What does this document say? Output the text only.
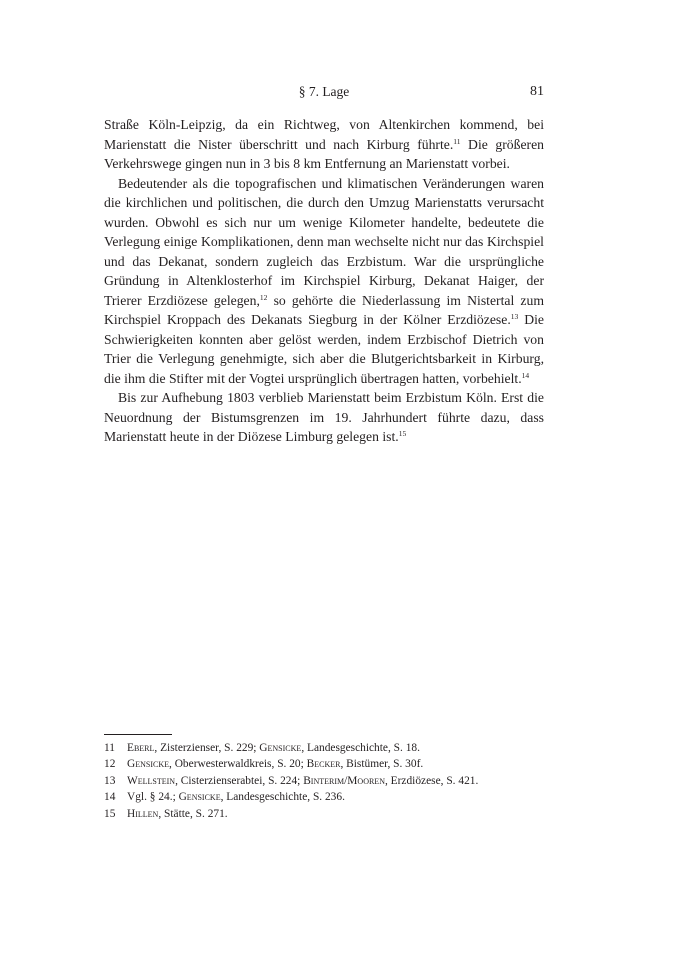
§ 7. Lage	81

Straße Köln-Leipzig, da ein Richtweg, von Altenkirchen kommend, bei Marienstatt die Nister überschritt und nach Kirburg führte.$^{11}$ Die größeren Verkehrswege gingen nun in 3 bis 8 km Entfernung an Marienstatt vorbei.

Bedeutender als die topografischen und klimatischen Veränderungen waren die kirchlichen und politischen, die durch den Umzug Marienstatts verursacht wurden. Obwohl es sich nur um wenige Kilometer handelte, bedeutete die Verlegung einige Komplikationen, denn man wechselte nicht nur das Kirchspiel und das Dekanat, sondern zugleich das Erzbistum. War die ursprüngliche Gründung in Altenklosterhof im Kirchspiel Kirburg, Dekanat Haiger, der Trierer Erzdiözese gelegen,$^{12}$ so gehörte die Niederlassung im Nistertal zum Kirchspiel Kroppach des Dekanats Siegburg in der Kölner Erzdiözese.$^{13}$ Die Schwierigkeiten konnten aber gelöst werden, indem Erzbischof Dietrich von Trier die Verlegung genehmigte, sich aber die Blutgerichtsbarkeit in Kirburg, die ihm die Stifter mit der Vogtei ursprünglich übertragen hatten, vorbehielt.$^{14}$

Bis zur Aufhebung 1803 verblieb Marienstatt beim Erzbistum Köln. Erst die Neuordnung der Bistumsgrenzen im 19. Jahrhundert führte dazu, dass Marienstatt heute in der Diözese Limburg gelegen ist.$^{15}$

11 Eberl, Zisterzienser, S. 229; Gensicke, Landesgeschichte, S. 18.
12 Gensicke, Oberwesterwaldkreis, S. 20; Becker, Bistümer, S. 30f.
13 Wellstein, Cisterzienserabtei, S. 224; Binterim/Mooren, Erzdiözese, S. 421.
14 Vgl. § 24.; Gensicke, Landesgeschichte, S. 236.
15 Hillen, Stätte, S. 271.
